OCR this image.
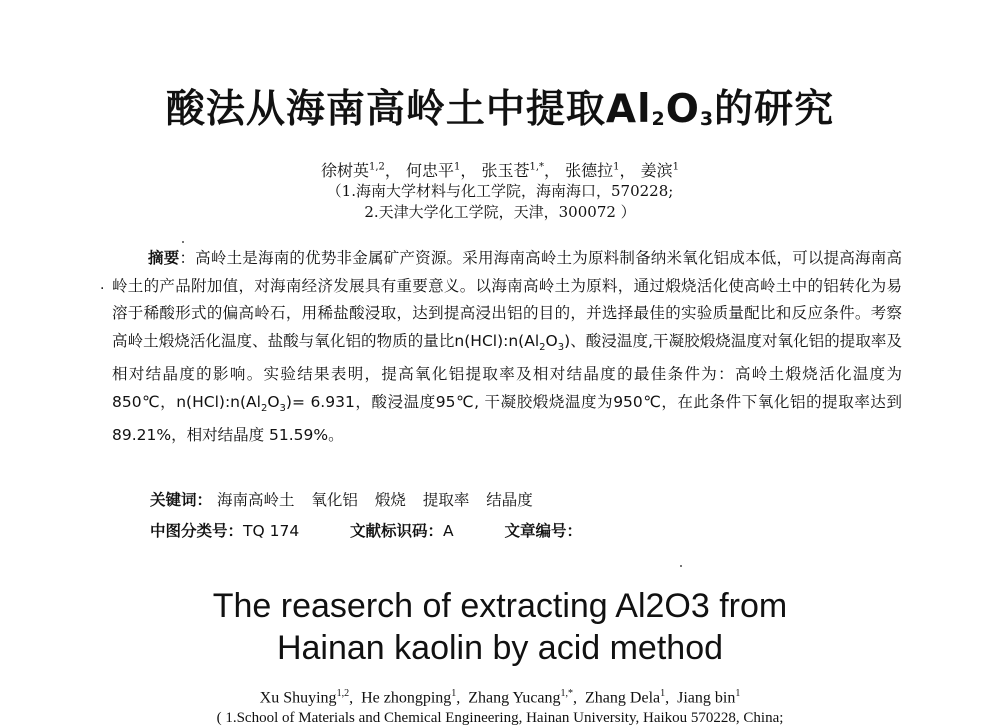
酸法从海南高岭土中提取$Al_2O_3$的研究
徐树英$^{1,2}$， 何忠平$^1$， 张玉苍$^{1,*}$， 张德拉$^1$， 姜滨$^1$
（1.海南大学材料与化工学院，海南海口，570228;
2.天津大学化工学院，天津，300072 ）
·

摘要：高岭土是海南的优势非金属矿产资源。采用海南高岭土为原料制备纳米氧化铝成本低，可以提高海南高岭土的产品附加值，对海南经济发展具有重要意义。以海南高岭土为原料，通过煅烧活化使高岭土中的铝转化为易溶于稀酸形式的偏高岭石，用稀盐酸浸取，达到提高浸出铝的目的，并选择最佳的实验质量配比和反应条件。考察高岭土煅烧活化温度、盐酸与氧化铝的物质的量比$n(HCl):n(Al_2O_3)$、酸浸温度,干凝胶煅烧温度对氧化铝的提取率及相对结晶度的影响。实验结果表明，提高氧化铝提取率及相对结晶度的最佳条件为：高岭土煅烧活化温度为850℃，$n(HCl):n(Al_2O_3)= 6.931$，酸浸温度95℃, 干凝胶煅烧温度为950℃，在此条件下氧化铝的提取率达到89.21%，相对结晶度 51.59%。

关键词： 海南高岭土 氧化铝 煅烧 提取率 结晶度
中图分类号：TQ 174	文献标识码：A	文章编号：
The reaserch of extracting Al2O3 from
Hainan kaolin by acid method
Xu Shuying$^{1,2}$,  He zhongping$^1$,  Zhang Yucang$^{1,*}$,  Zhang Dela$^1$,  Jiang bin$^1$
( 1.School of Materials and Chemical Engineering, Hainan University, Haikou 570228, China;
